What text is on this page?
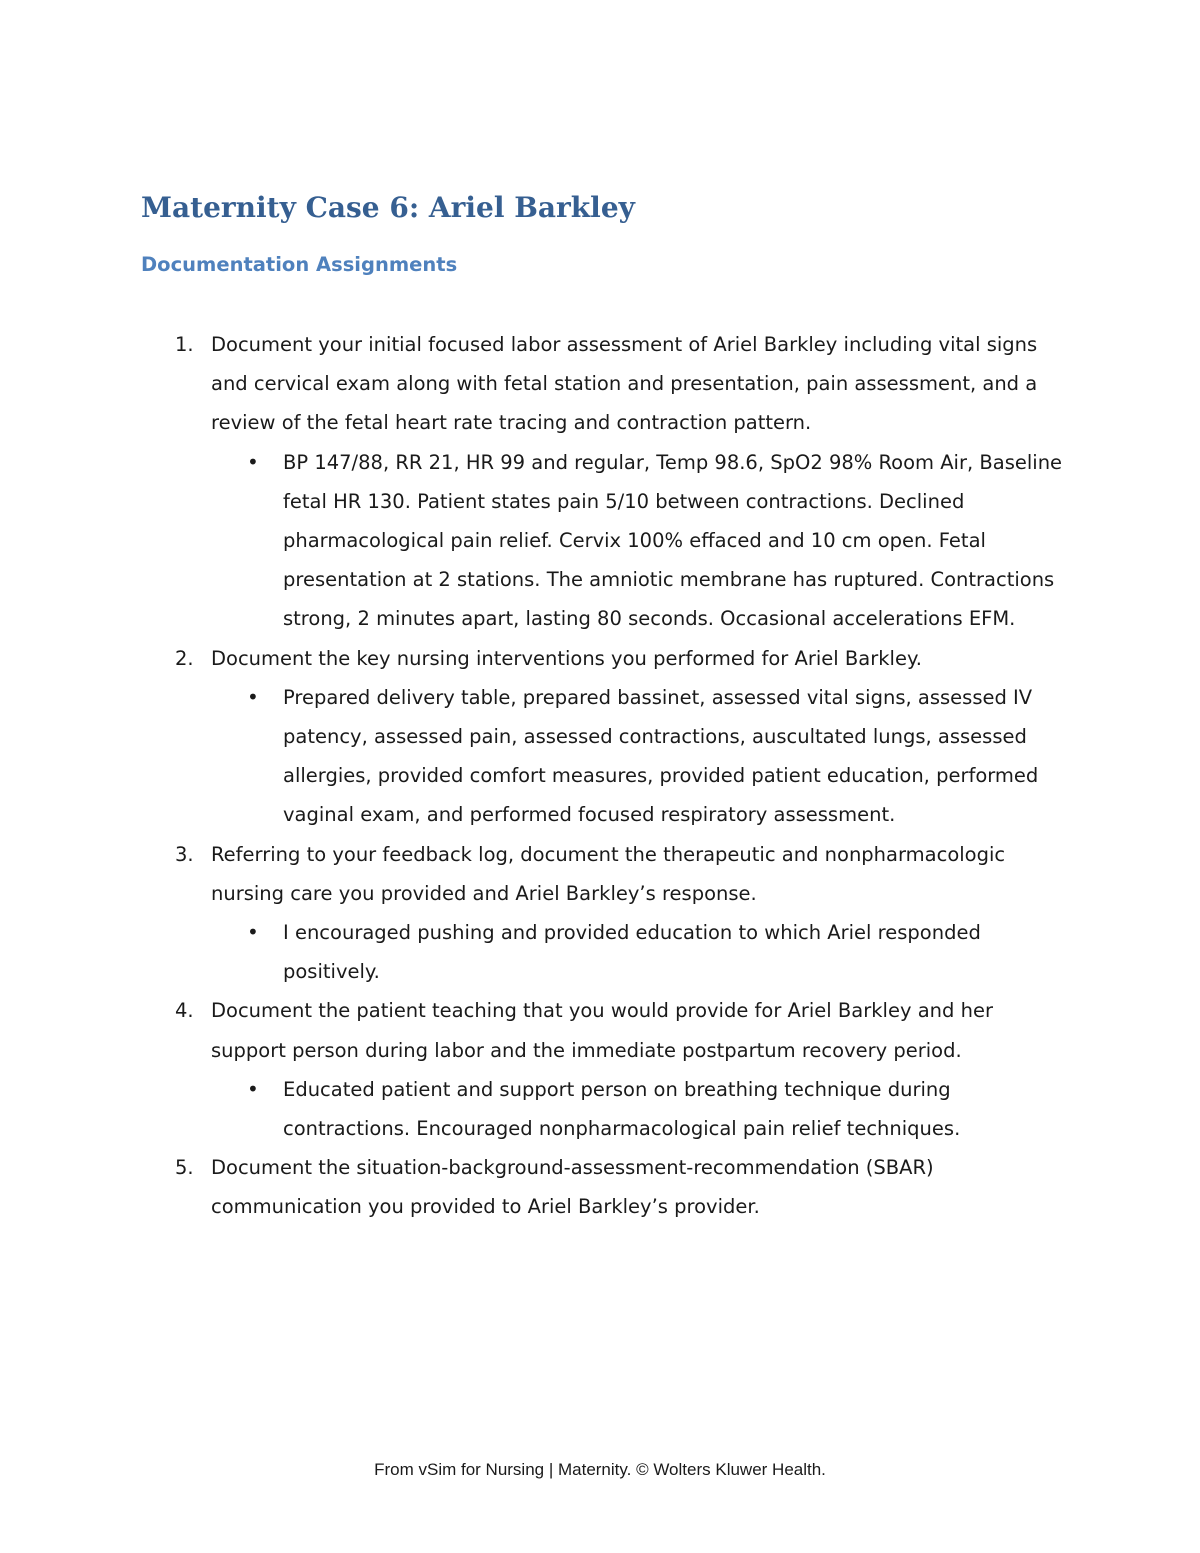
Maternity Case 6: Ariel Barkley
Documentation Assignments
1. Document your initial focused labor assessment of Ariel Barkley including vital signs and cervical exam along with fetal station and presentation, pain assessment, and a review of the fetal heart rate tracing and contraction pattern.
• BP 147/88, RR 21, HR 99 and regular, Temp 98.6, SpO2 98% Room Air, Baseline fetal HR 130. Patient states pain 5/10 between contractions. Declined pharmacological pain relief. Cervix 100% effaced and 10 cm open. Fetal presentation at 2 stations. The amniotic membrane has ruptured. Contractions strong, 2 minutes apart, lasting 80 seconds. Occasional accelerations EFM.
2. Document the key nursing interventions you performed for Ariel Barkley.
• Prepared delivery table, prepared bassinet, assessed vital signs, assessed IV patency, assessed pain, assessed contractions, auscultated lungs, assessed allergies, provided comfort measures, provided patient education, performed vaginal exam, and performed focused respiratory assessment.
3. Referring to your feedback log, document the therapeutic and nonpharmacologic nursing care you provided and Ariel Barkley’s response.
• I encouraged pushing and provided education to which Ariel responded positively.
4. Document the patient teaching that you would provide for Ariel Barkley and her support person during labor and the immediate postpartum recovery period.
• Educated patient and support person on breathing technique during contractions. Encouraged nonpharmacological pain relief techniques.
5. Document the situation-background-assessment-recommendation (SBAR) communication you provided to Ariel Barkley’s provider.

From vSim for Nursing | Maternity. © Wolters Kluwer Health.
